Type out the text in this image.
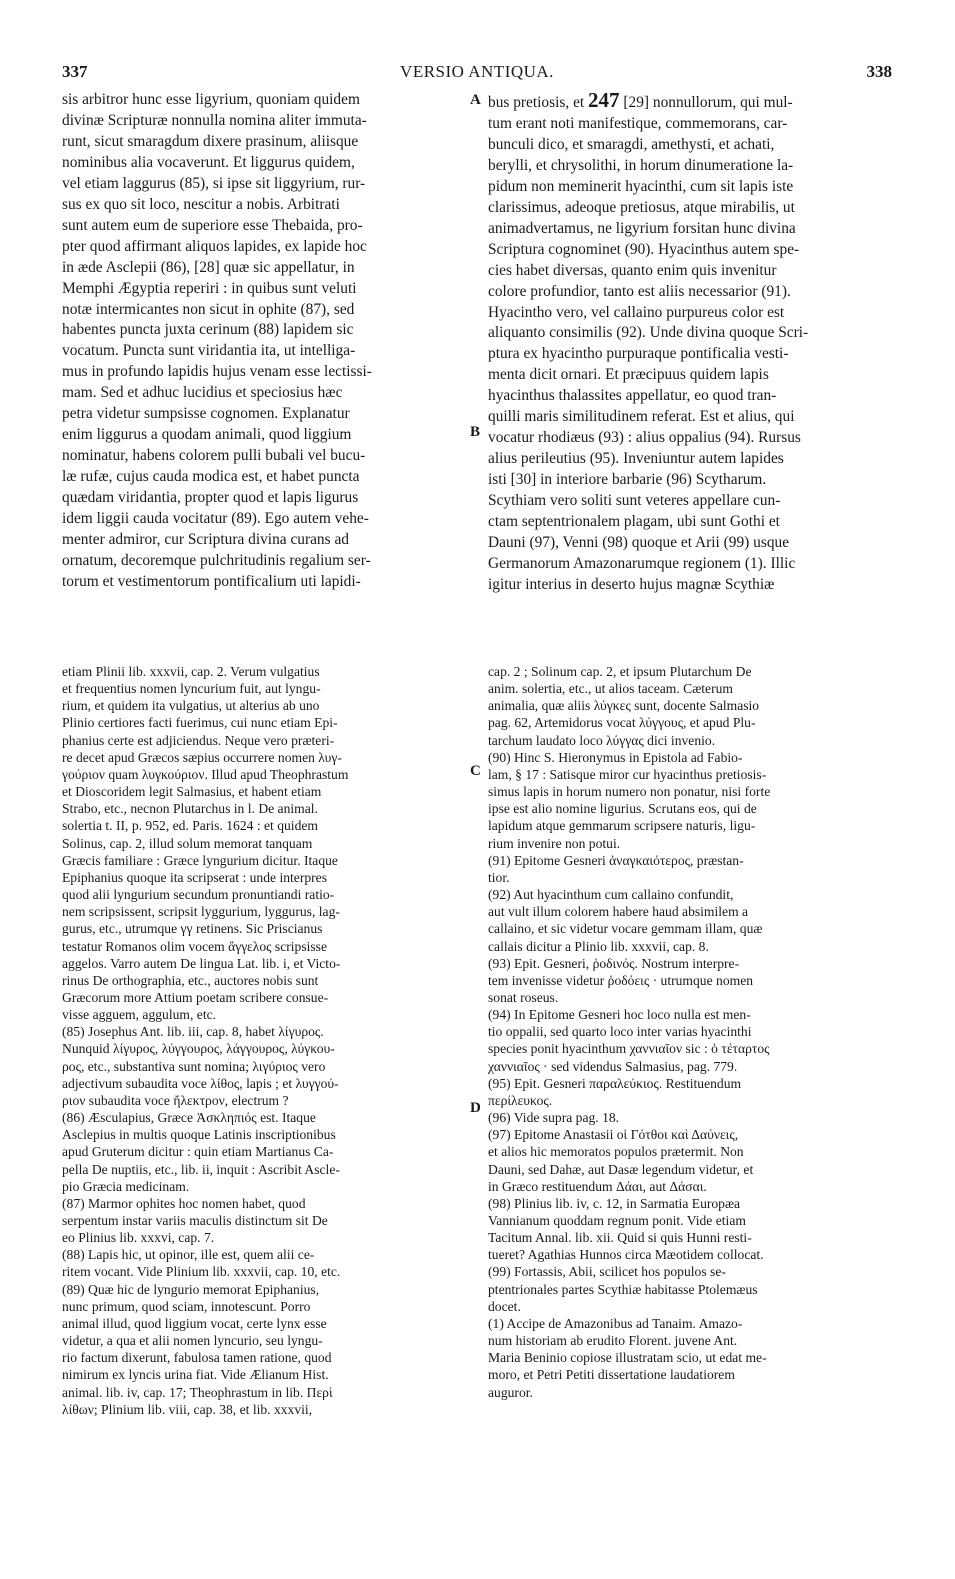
337	VERSIO ANTIQUA.	338
sis arbitror hunc esse ligyrium, quoniam quidem
divinæ Scripturæ nonnulla nomina aliter immuta-
runt, sicut smaragdum dixere prasinum, aliisque
nominibus alia vocaverunt. Et liggurus quidem,
vel etiam laggurus (85), si ipse sit liggyrium, rur-
sus ex quo sit loco, nescitur a nobis. Arbitrati
sunt autem eum de superiore esse Thebaida, pro-
pter quod affirmant aliquos lapides, ex lapide hoc
in æde Asclepii (86), [28] quæ sic appellatur, in
Memphi Ægyptia reperiri : in quibus sunt veluti
notæ intermicantes non sicut in ophite (87), sed
habentes puncta juxta cerinum (88) lapidem sic
vocatum. Puncta sunt viridantia ita, ut intelliga-
mus in profundo lapidis hujus venam esse lectissi-
mam. Sed et adhuc lucidius et speciosius hæc
petra videtur sumpsisse cognomen. Explanatur
enim liggurus a quodam animali, quod liggium
nominatur, habens colorem pulli bubali vel bucu-
læ rufæ, cujus cauda modica est, et habet puncta
quædam viridantia, propter quod et lapis ligurus
idem liggii cauda vocitatur (89). Ego autem vehe-
menter admiror, cur Scriptura divina curans ad
ornatum, decoremque pulchritudinis regalium ser-
torum et vestimentorum pontificalium uti lapidi-
bus pretiosis, et 247 [29] nonnullorum, qui mul-
tum erant noti manifestique, commemorans, car-
bunculi dico, et smaragdi, amethysti, et achati,
berylli, et chrysolithi, in horum dinumeratione la-
pidum non meminerit hyacinthi, cum sit lapis iste
clarissimus, adeoque pretiosus, atque mirabilis, ut
animadvertamus, ne ligyrium forsitan hunc divina
Scriptura cognominet (90). Hyacinthus autem spe-
cies habet diversas, quanto enim quis invenitur
colore profundior, tanto est aliis necessarior (91).
Hyacintho vero, vel callaino purpureus color est
aliquanto consimilis (92). Unde divina quoque Scri-
ptura ex hyacintho purpuraque pontificalia vesti-
menta dicit ornari. Et præcipuus quidem lapis
hyacinthus thalassites appellatur, eo quod tran-
quilli maris similitudinem referat. Est et alius, qui
vocatur rhodiæus (93) : alius oppalius (94). Rursus
alius perileutius (95). Inveniuntur autem lapides
isti [30] in interiore barbarie (96) Scytharum.
Scythiam vero soliti sunt veteres appellare cun-
ctam septentrionalem plagam, ubi sunt Gothi et
Dauni (97), Venni (98) quoque et Arii (99) usque
Germanorum Amazonarumque regionem (1). Illic
igitur interius in deserto hujus magnæ Scythiæ
etiam Plinii lib. xxxvii, cap. 2. Verum vulgatius
et frequentius nomen lyncurium fuit, aut lyngu-
rium, et quidem ita vulgatius, ut alterius ab uno
Plinio certiores facti fuerimus, cui nunc etiam Epi-
phanius certe est adjiciendus. Neque vero præteri-
re decet apud Græcos sæpius occurrere nomen λυγ-
γούριον quam λυγκούριον. Illud apud Theophrastum
et Dioscoridem legit Salmasius, et habent etiam
Strabo, etc., necnon Plutarchus in l. De animal.
solertia t. II, p. 952, ed. Paris. 1624 : et quidem
Solinus, cap. 2, illud solum memorat tanquam
Græcis familiare : Græce lyngurium dicitur. Itaque
Epiphanius quoque ita scripserat : unde interpres
quod alii lyngurium secundum pronuntiandi ratio-
nem scripsissent, scripsit lyggurium, lyggurus, lag-
gurus, etc., utrumque γγ retinens. Sic Priscianus
testatur Romanos olim vocem ἄγγελος scripsisse
aggelos. Varro autem De lingua Lat. lib. i, et Victo-
rinus De orthographia, etc., auctores nobis sunt
Græcorum more Attium poetam scribere consue-
visse agguem, aggulum, etc.
(85) Josephus Ant. lib. iii, cap. 8, habet λίγυρος.
Nunquid λίγυρος, λύγγουρος, λάγγουρος, λύγκου-
ρος, etc., substantiva sunt nomina; λιγύριος vero
adjectivum subaudita voce λίθος, lapis ; et λυγγού-
ριον subaudita voce ἤλεκτρον, electrum ?
(86) Æsculapius, Græce Ἀσκληπιός est. Itaque
Asclepius in multis quoque Latinis inscriptionibus
apud Gruterum dicitur : quin etiam Martianus Ca-
pella De nuptiis, etc., lib. ii, inquit : Ascribit Ascle-
pio Græcia medicinam.
(87) Marmor ophites hoc nomen habet, quod
serpentum instar variis maculis distinctum sit De
eo Plinius lib. xxxvi, cap. 7.
(88) Lapis hic, ut opinor, ille est, quem alii ce-
ritem vocant. Vide Plinium lib. xxxvii, cap. 10, etc.
(89) Quæ hic de lyngurio memorat Epiphanius,
nunc primum, quod sciam, innotescunt. Porro
animal illud, quod liggium vocat, certe lynx esse
videtur, a qua et alii nomen lyncurio, seu lyngu-
rio factum dixerunt, fabulosa tamen ratione, quod
nimirum ex lyncis urina fiat. Vide Ælianum Hist.
animal. lib. iv, cap. 17; Theophrastum in lib. Περὶ
λίθων; Plinium lib. viii, cap. 38, et lib. xxxvii,
cap. 2 ; Solinum cap. 2, et ipsum Plutarchum De
anim. solertia, etc., ut alios taceam. Cæterum
animalia, quæ aliis λύγκες sunt, docente Salmasio
pag. 62, Artemidorus vocat λύγγους, et apud Plu-
tarchum laudato loco λύγγας dici invenio.
(90) Hinc S. Hieronymus in Epistola ad Fabio-
lam, § 17 : Satisque miror cur hyacinthus pretiosis-
simus lapis in horum numero non ponatur, nisi forte
ipse est alio nomine ligurius. Scrutans eos, qui de
lapidum atque gemmarum scripsere naturis, ligu-
rium invenire non potui.
(91) Epitome Gesneri ἀναγκαιότερος, præstan-
tior.
(92) Aut hyacinthum cum callaino confundit,
aut vult illum colorem habere haud absimilem a
callaino, et sic videtur vocare gemmam illam, quæ
callais dicitur a Plinio lib. xxxvii, cap. 8.
(93) Epit. Gesneri, ῥοδινός. Nostrum interpre-
tem invenisse videtur ῥοδόεις · utrumque nomen
sonat roseus.
(94) In Epitome Gesneri hoc loco nulla est men-
tio oppalii, sed quarto loco inter varias hyacinthi
species ponit hyacinthum χαννιαῖον sic : ὁ τέταρτος
χαννιαῖος · sed videndus Salmasius, pag. 779.
(95) Epit. Gesneri παραλεύκιος. Restituendum
περίλευκος.
(96) Vide supra pag. 18.
(97) Epitome Anastasii οἱ Γότθοι καὶ Δαύνεις,
et alios hic memoratos populos prætermit. Non
Dauni, sed Dahæ, aut Dasæ legendum videtur, et
in Græco restituendum Δάαι, aut Δάσαι.
(98) Plinius lib. iv, c. 12, in Sarmatia Europæa
Vannianum quoddam regnum ponit. Vide etiam
Tacitum Annal. lib. xii. Quid si quis Hunni resti-
tueret? Agathias Hunnos circa Mæotidem collocat.
(99) Fortassis, Abii, scilicet hos populos se-
ptentrionales partes Scythiæ habitasse Ptolemæus
docet.
(1) Accipe de Amazonibus ad Tanaim. Amazo-
num historiam ab erudito Florent. juvene Ant.
Maria Beninio copiose illustratam scio, ut edat me-
moro, et Petri Petiti dissertatione laudatiorem
auguror.
A
B
C
D
